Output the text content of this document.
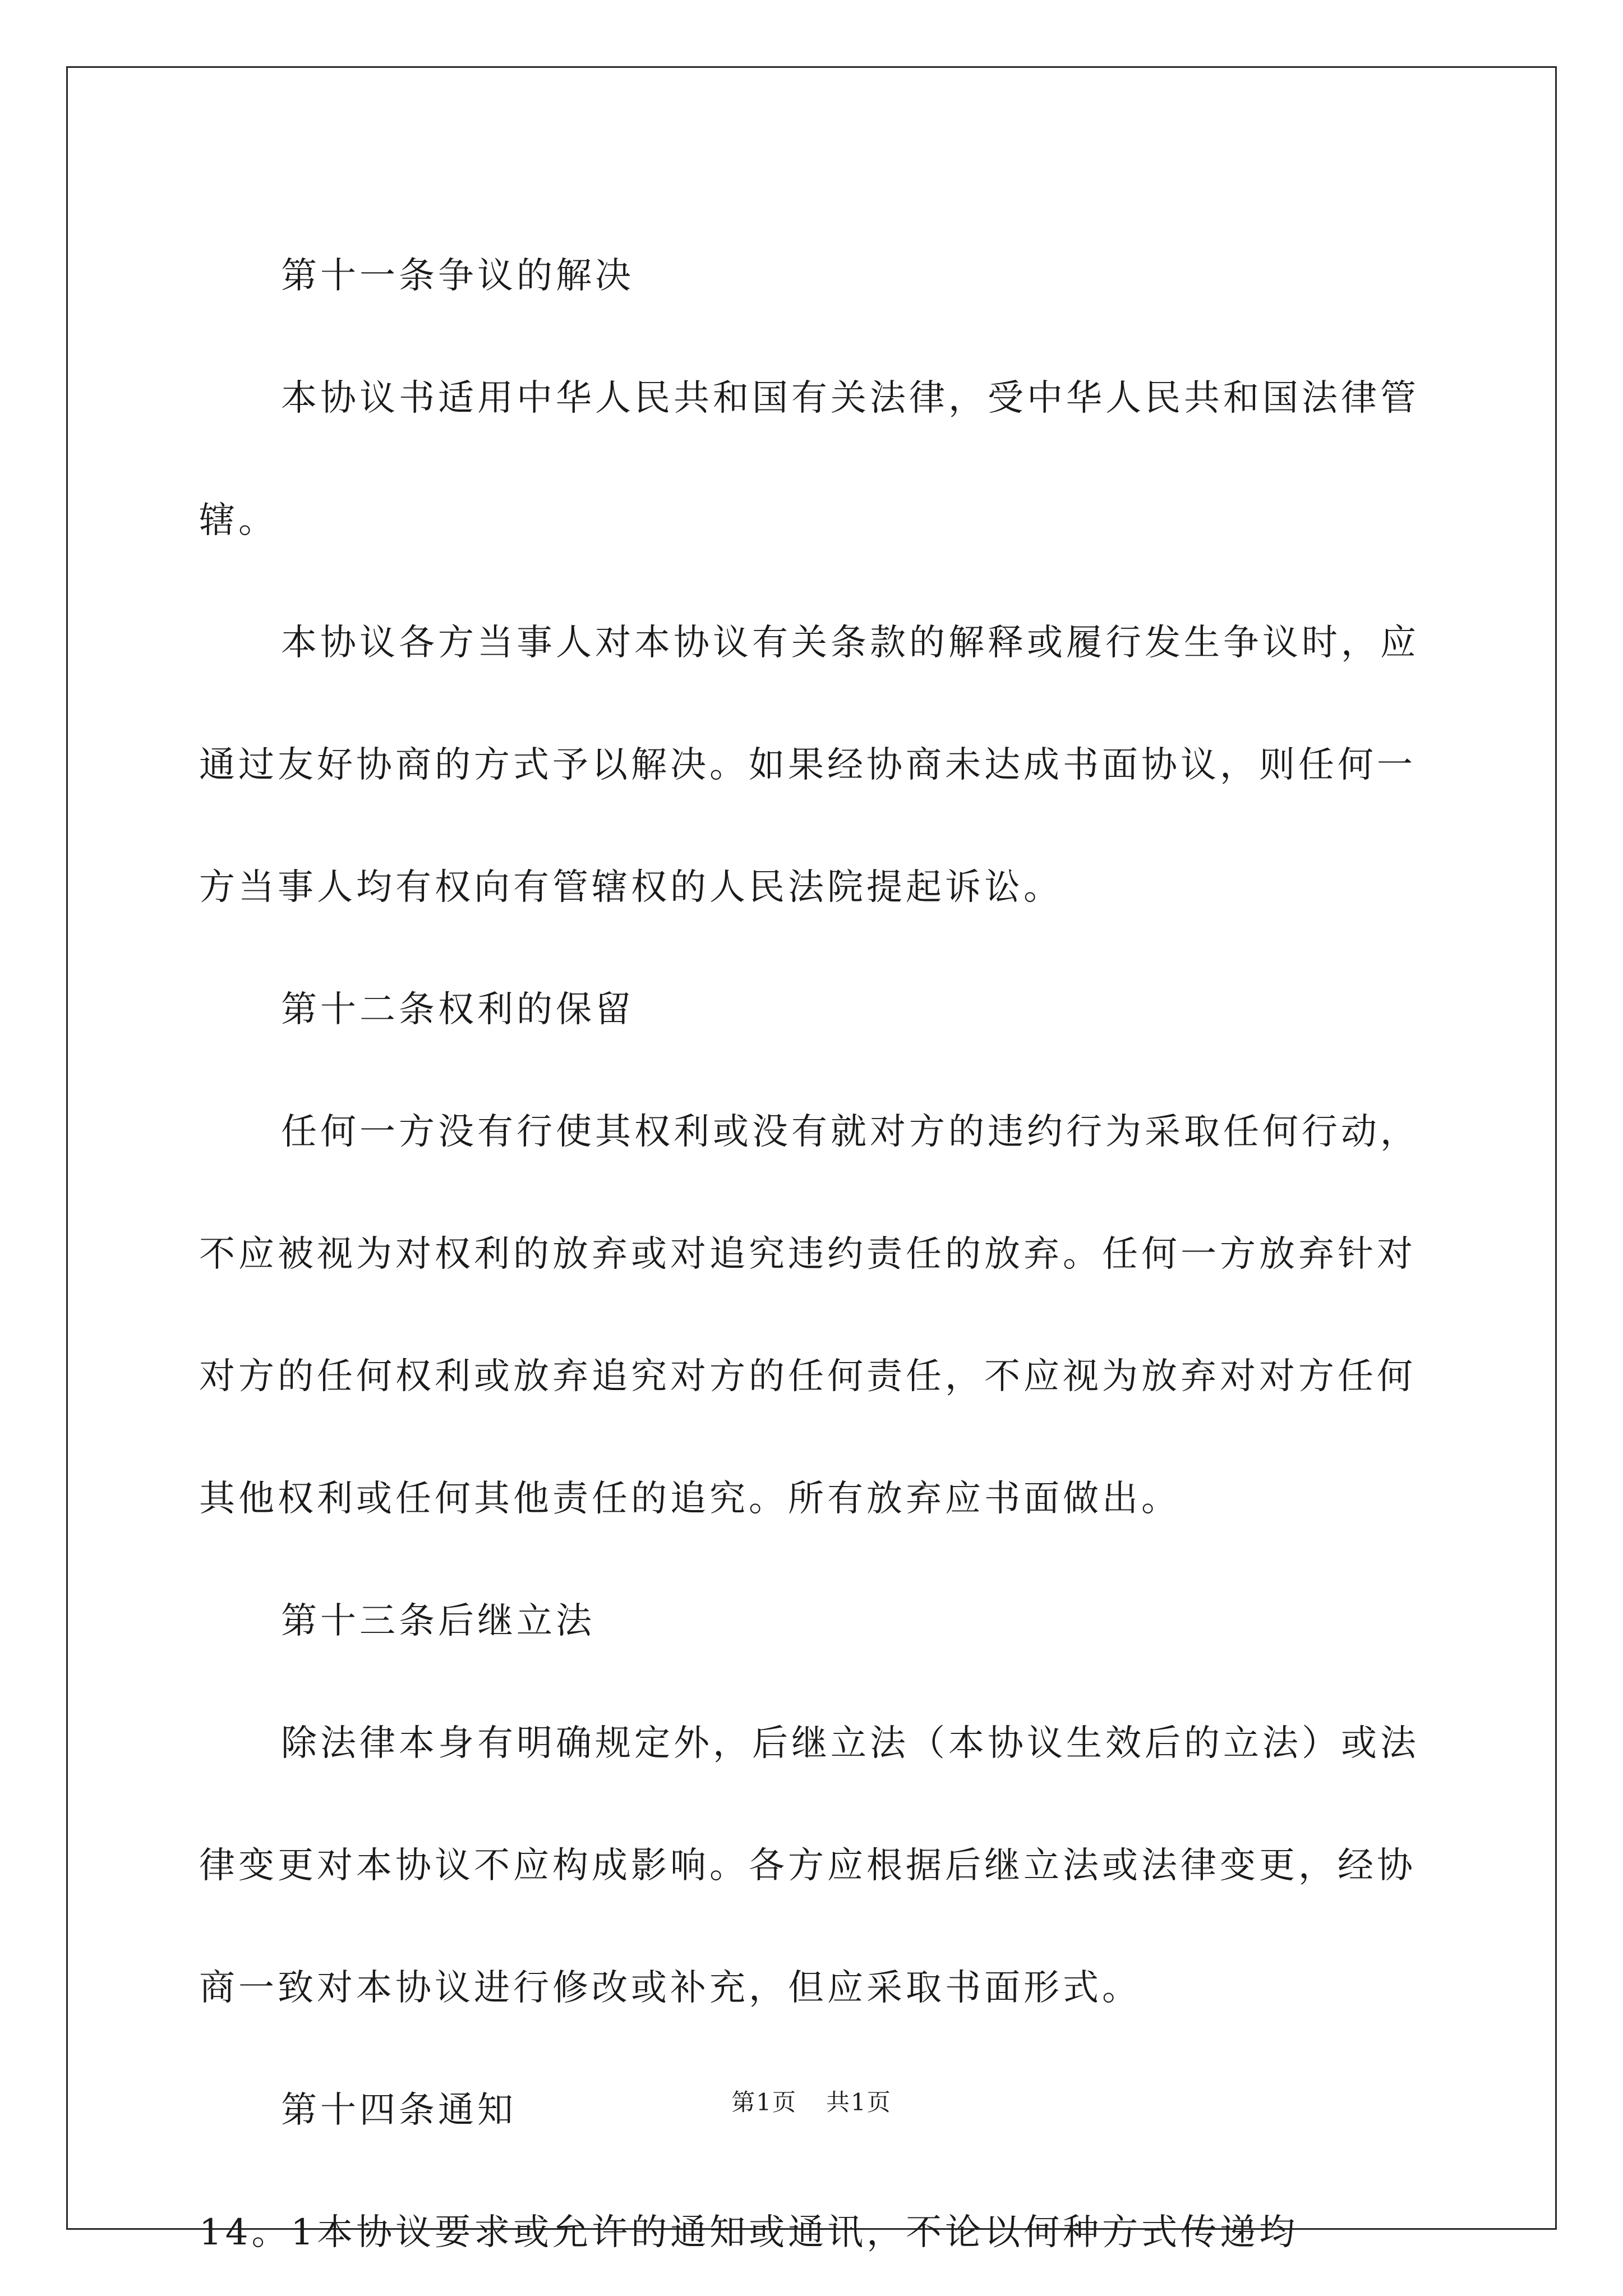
第十一条争议的解决

本协议书适用中华人民共和国有关法律，受中华人民共和国法律管辖。

本协议各方当事人对本协议有关条款的解释或履行发生争议时，应通过友好协商的方式予以解决。如果经协商未达成书面协议，则任何一方当事人均有权向有管辖权的人民法院提起诉讼。

第十二条权利的保留

任何一方没有行使其权利或没有就对方的违约行为采取任何行动，不应被视为对权利的放弃或对追究违约责任的放弃。任何一方放弃针对对方的任何权利或放弃追究对方的任何责任，不应视为放弃对对方任何其他权利或任何其他责任的追究。所有放弃应书面做出。

第十三条后继立法

除法律本身有明确规定外，后继立法（本协议生效后的立法）或法律变更对本协议不应构成影响。各方应根据后继立法或法律变更，经协商一致对本协议进行修改或补充，但应采取书面形式。

第十四条通知

14。1本协议要求或允许的通知或通讯，不论以何种方式传递均

第1页 共1页
